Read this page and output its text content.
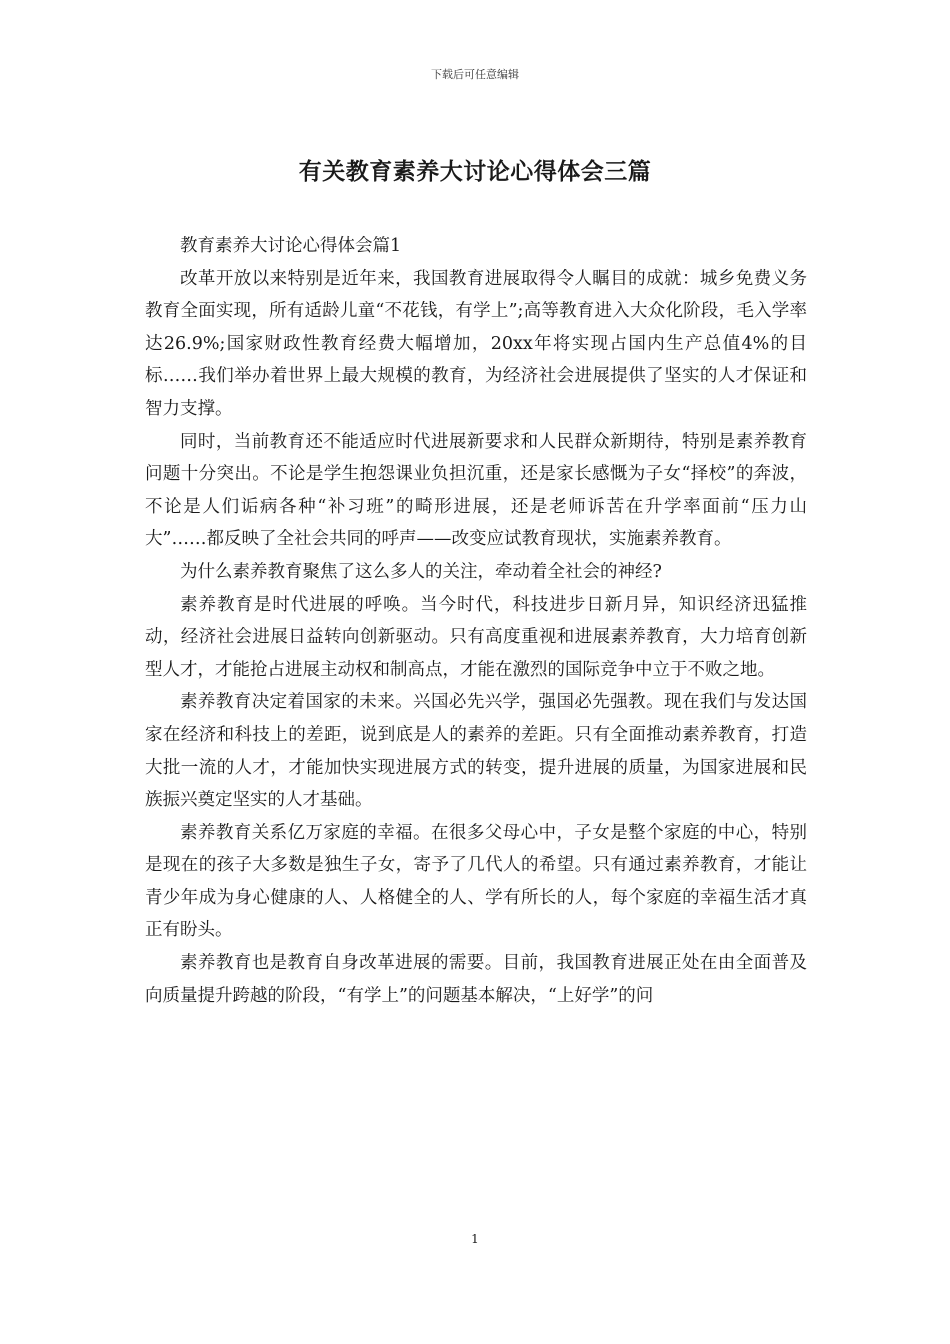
下载后可任意编辑
有关教育素养大讨论心得体会三篇

教育素养大讨论心得体会篇1

改革开放以来特别是近年来，我国教育进展取得令人瞩目的成就：城乡免费义务教育全面实现，所有适龄儿童“不花钱，有学上”;高等教育进入大众化阶段，毛入学率达26.9%;国家财政性教育经费大幅增加，20xx年将实现占国内生产总值4%的目标……我们举办着世界上最大规模的教育，为经济社会进展提供了坚实的人才保证和智力支撑。

同时，当前教育还不能适应时代进展新要求和人民群众新期待，特别是素养教育问题十分突出。不论是学生抱怨课业负担沉重，还是家长感慨为子女“择校”的奔波，不论是人们诟病各种“补习班”的畸形进展，还是老师诉苦在升学率面前“压力山大”……都反映了全社会共同的呼声——改变应试教育现状，实施素养教育。

为什么素养教育聚焦了这么多人的关注，牵动着全社会的神经?

素养教育是时代进展的呼唤。当今时代，科技进步日新月异，知识经济迅猛推动，经济社会进展日益转向创新驱动。只有高度重视和进展素养教育，大力培育创新型人才，才能抢占进展主动权和制高点，才能在激烈的国际竞争中立于不败之地。

素养教育决定着国家的未来。兴国必先兴学，强国必先强教。现在我们与发达国家在经济和科技上的差距，说到底是人的素养的差距。只有全面推动素养教育，打造大批一流的人才，才能加快实现进展方式的转变，提升进展的质量，为国家进展和民族振兴奠定坚实的人才基础。

素养教育关系亿万家庭的幸福。在很多父母心中，子女是整个家庭的中心，特别是现在的孩子大多数是独生子女，寄予了几代人的希望。只有通过素养教育，才能让青少年成为身心健康的人、人格健全的人、学有所长的人，每个家庭的幸福生活才真正有盼头。

素养教育也是教育自身改革进展的需要。目前，我国教育进展正处在由全面普及向质量提升跨越的阶段，“有学上”的问题基本解决，“上好学”的问

1
